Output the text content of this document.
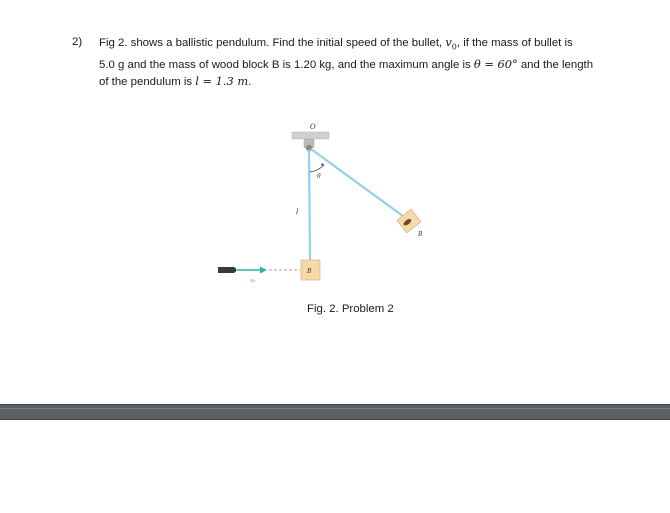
2) Fig 2. shows a ballistic pendulum. Find the initial speed of the bullet, $v_0$, if the mass of bullet is
5.0 g and the mass of wood block B is 1.20 kg, and the maximum angle is θ = 60° and the length
of the pendulum is l = 1.3 m.
O
θ
l
B
B
v₀
Fig. 2. Problem 2
